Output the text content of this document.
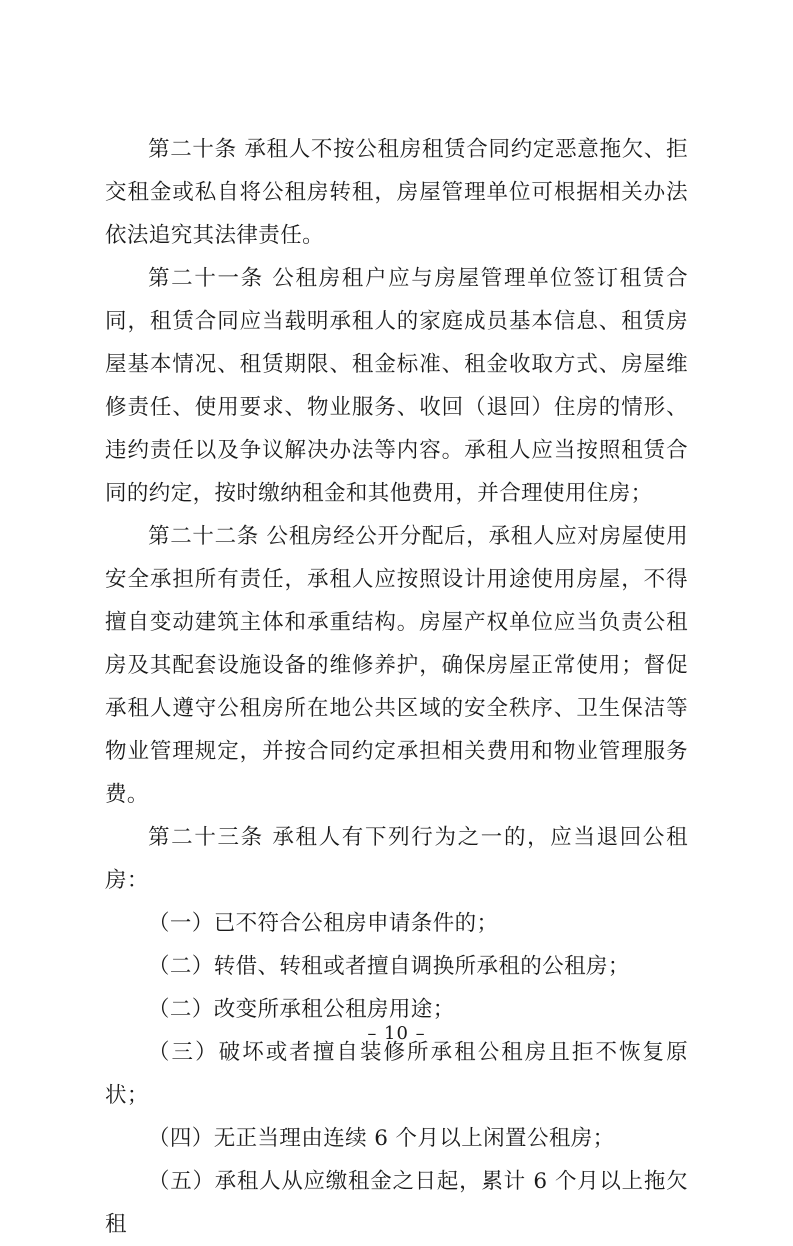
第二十条 承租人不按公租房租赁合同约定恶意拖欠、拒交租金或私自将公租房转租，房屋管理单位可根据相关办法依法追究其法律责任。

第二十一条 公租房租户应与房屋管理单位签订租赁合同，租赁合同应当载明承租人的家庭成员基本信息、租赁房屋基本情况、租赁期限、租金标准、租金收取方式、房屋维修责任、使用要求、物业服务、收回（退回）住房的情形、违约责任以及争议解决办法等内容。承租人应当按照租赁合同的约定，按时缴纳租金和其他费用，并合理使用住房；

第二十二条 公租房经公开分配后，承租人应对房屋使用安全承担所有责任，承租人应按照设计用途使用房屋，不得擅自变动建筑主体和承重结构。房屋产权单位应当负责公租房及其配套设施设备的维修养护，确保房屋正常使用；督促承租人遵守公租房所在地公共区域的安全秩序、卫生保洁等物业管理规定，并按合同约定承担相关费用和物业管理服务费。

第二十三条 承租人有下列行为之一的，应当退回公租房：

（一）已不符合公租房申请条件的；

（二）转借、转租或者擅自调换所承租的公租房；

（二）改变所承租公租房用途；

（三）破坏或者擅自装修所承租公租房且拒不恢复原状；

（四）无正当理由连续 6 个月以上闲置公租房；

（五）承租人从应缴租金之日起，累计 6 个月以上拖欠租

– 10 –
